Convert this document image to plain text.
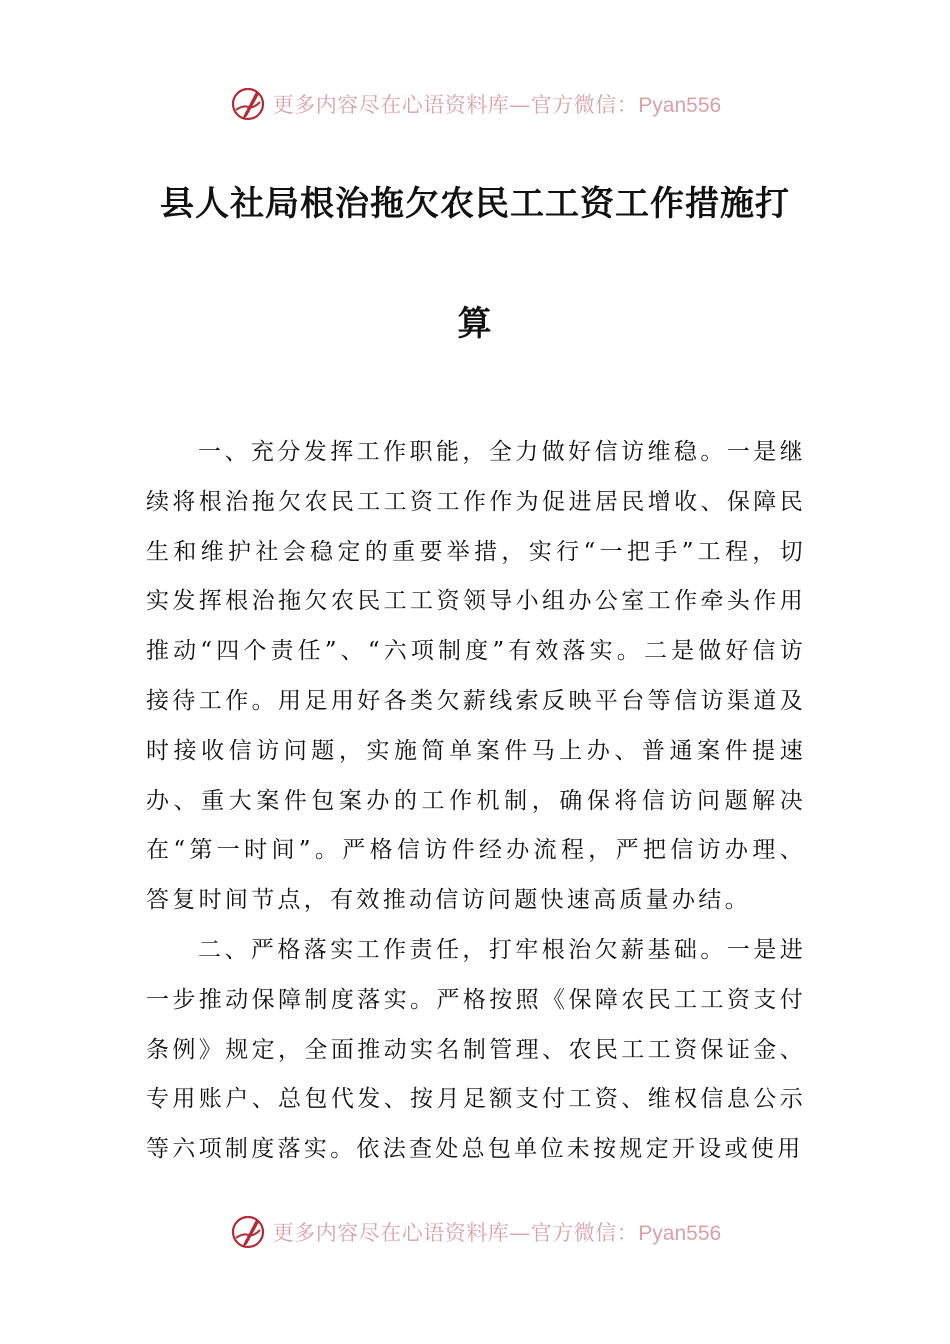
更多内容尽在心语资料库—官方微信：Pyan556
县人社局根治拖欠农民工工资工作措施打
算

一、充分发挥工作职能，全力做好信访维稳。一是继续将根治拖欠农民工工资工作作为促进居民增收、保障民生和维护社会稳定的重要举措，实行“一把手”工程，切实发挥根治拖欠农民工工资领导小组办公室工作牵头作用推动“四个责任”、“六项制度”有效落实。二是做好信访接待工作。用足用好各类欠薪线索反映平台等信访渠道及时接收信访问题，实施简单案件马上办、普通案件提速办、重大案件包案办的工作机制，确保将信访问题解决在“第一时间”。严格信访件经办流程，严把信访办理、答复时间节点，有效推动信访问题快速高质量办结。

二、严格落实工作责任，打牢根治欠薪基础。一是进一步推动保障制度落实。严格按照《保障农民工工资支付条例》规定，全面推动实名制管理、农民工工资保证金、专用账户、总包代发、按月足额支付工资、维权信息公示等六项制度落实。依法查处总包单位未按规定开设或使用

更多内容尽在心语资料库—官方微信：Pyan556
